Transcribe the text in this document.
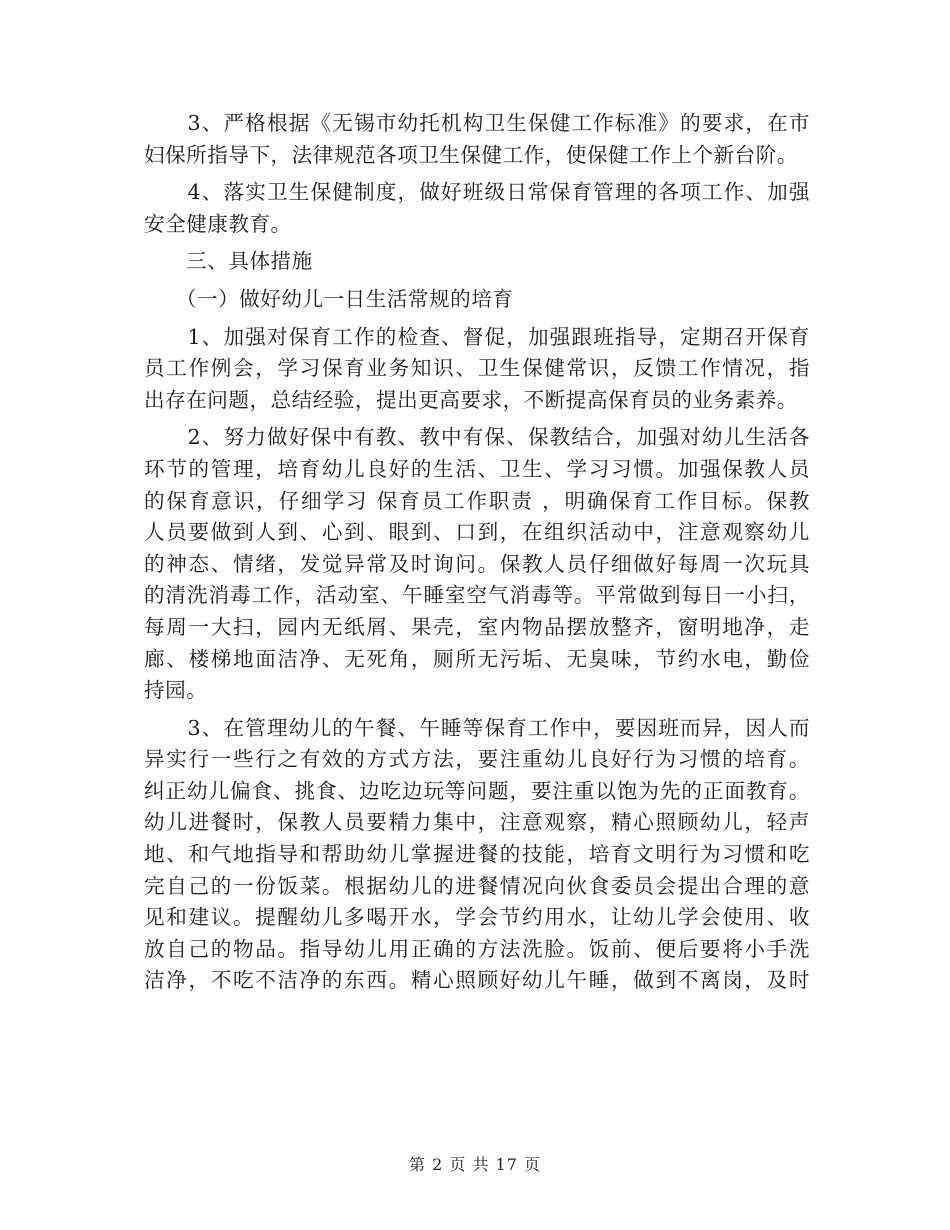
　　3、严格根据《无锡市幼托机构卫生保健工作标准》的要求，在市
妇保所指导下，法律规范各项卫生保健工作，使保健工作上个新台阶。

　　4、落实卫生保健制度，做好班级日常保育管理的各项工作、加强
安全健康教育。

　　三、具体措施

　　（一）做好幼儿一日生活常规的培育

　　1、加强对保育工作的检查、督促，加强跟班指导，定期召开保育
员工作例会，学习保育业务知识、卫生保健常识，反馈工作情况，指
出存在问题，总结经验，提出更高要求，不断提高保育员的业务素养。

　　2、努力做好保中有教、教中有保、保教结合，加强对幼儿生活各
环节的管理，培育幼儿良好的生活、卫生、学习习惯。加强保教人员
的保育意识，仔细学习 保育员工作职责 ，明确保育工作目标。保教
人员要做到人到、心到、眼到、口到，在组织活动中，注意观察幼儿
的神态、情绪，发觉异常及时询问。保教人员仔细做好每周一次玩具
的清洗消毒工作，活动室、午睡室空气消毒等。平常做到每日一小扫，
每周一大扫，园内无纸屑、果壳，室内物品摆放整齐，窗明地净，走
廊、楼梯地面洁净、无死角，厕所无污垢、无臭味，节约水电，勤俭
持园。

　　3、在管理幼儿的午餐、午睡等保育工作中，要因班而异，因人而
异实行一些行之有效的方式方法，要注重幼儿良好行为习惯的培育。
纠正幼儿偏食、挑食、边吃边玩等问题，要注重以饱为先的正面教育。
幼儿进餐时，保教人员要精力集中，注意观察，精心照顾幼儿，轻声
地、和气地指导和帮助幼儿掌握进餐的技能，培育文明行为习惯和吃
完自己的一份饭菜。根据幼儿的进餐情况向伙食委员会提出合理的意
见和建议。提醒幼儿多喝开水，学会节约用水，让幼儿学会使用、收
放自己的物品。指导幼儿用正确的方法洗脸。饭前、便后要将小手洗
洁净，不吃不洁净的东西。精心照顾好幼儿午睡，做到不离岗，及时

第 2 页 共 17 页
